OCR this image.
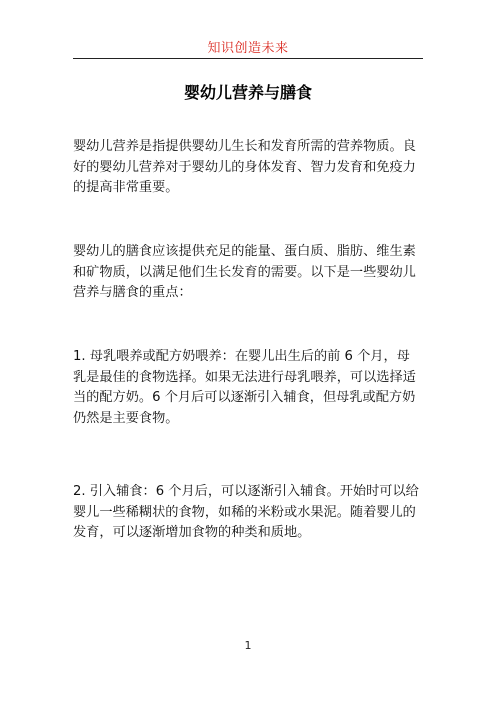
知识创造未来
婴幼儿营养与膳食

婴幼儿营养是指提供婴幼儿生长和发育所需的营养物质。良好的婴幼儿营养对于婴幼儿的身体发育、智力发育和免疫力的提高非常重要。

婴幼儿的膳食应该提供充足的能量、蛋白质、脂肪、维生素和矿物质，以满足他们生长发育的需要。以下是一些婴幼儿营养与膳食的重点：

1. 母乳喂养或配方奶喂养：在婴儿出生后的前 6 个月，母乳是最佳的食物选择。如果无法进行母乳喂养，可以选择适当的配方奶。6 个月后可以逐渐引入辅食，但母乳或配方奶仍然是主要食物。

2. 引入辅食：6 个月后，可以逐渐引入辅食。开始时可以给婴儿一些稀糊状的食物，如稀的米粉或水果泥。随着婴儿的发育，可以逐渐增加食物的种类和质地。

1
